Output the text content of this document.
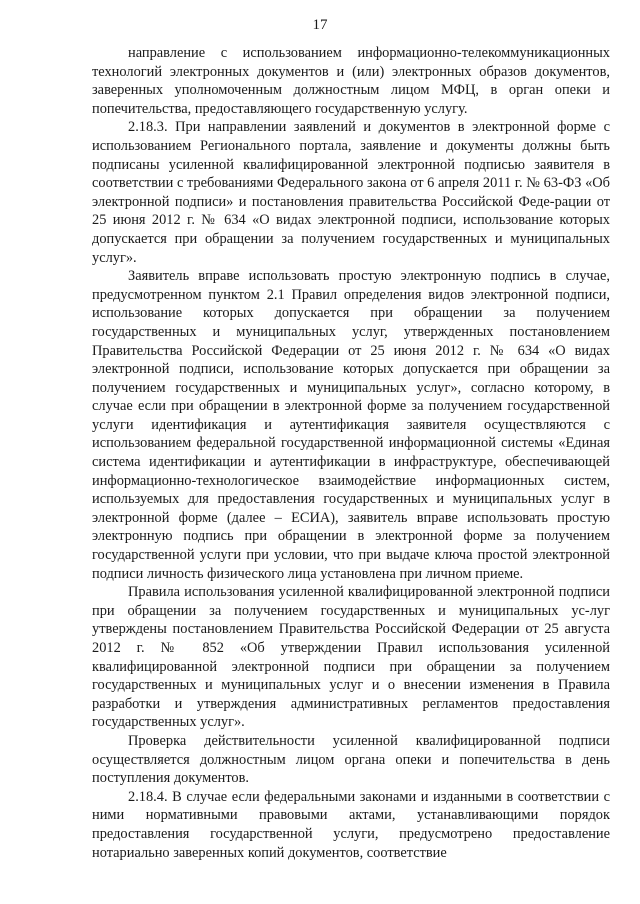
17

направление с использованием информационно-телекоммуникационных технологий электронных документов и (или) электронных образов документов, заверенных уполномоченным должностным лицом МФЦ, в орган опеки и попечительства, предоставляющего государственную услугу.

2.18.3. При направлении заявлений и документов в электронной форме с использованием Регионального портала, заявление и документы должны быть подписаны усиленной квалифицированной электронной подписью заявителя в соответствии с требованиями Федерального закона от 6 апреля 2011 г. № 63-ФЗ «Об электронной подписи» и постановления правительства Российской Феде-рации от 25 июня 2012 г. № 634 «О видах электронной подписи, использование которых допускается при обращении за получением государственных и муниципальных услуг».

Заявитель вправе использовать простую электронную подпись в случае, предусмотренном пунктом 2.1 Правил определения видов электронной подписи, использование которых допускается при обращении за получением государственных и муниципальных услуг, утвержденных постановлением Правительства Российской Федерации от 25 июня 2012 г. № 634 «О видах электронной подписи, использование которых допускается при обращении за получением государственных и муниципальных услуг», согласно которому, в случае если при обращении в электронной форме за получением государственной услуги идентификация и аутентификация заявителя осуществляются с использованием федеральной государственной информационной системы «Единая система идентификации и аутентификации в инфраструктуре, обеспечивающей информационно-технологическое взаимодействие информационных систем, используемых для предоставления государственных и муниципальных услуг в электронной форме (далее – ЕСИА), заявитель вправе использовать простую электронную подпись при обращении в электронной форме за получением государственной услуги при условии, что при выдаче ключа простой электронной подписи личность физического лица установлена при личном приеме.

Правила использования усиленной квалифицированной электронной подписи при обращении за получением государственных и муниципальных ус-луг утверждены постановлением Правительства Российской Федерации от 25 августа 2012 г. № 852 «Об утверждении Правил использования усиленной квалифицированной электронной подписи при обращении за получением государственных и муниципальных услуг и о внесении изменения в Правила разработки и утверждения административных регламентов предоставления государственных услуг».

Проверка действительности усиленной квалифицированной подписи осуществляется должностным лицом органа опеки и попечительства в день поступления документов.

2.18.4. В случае если федеральными законами и изданными в соответствии с ними нормативными правовыми актами, устанавливающими порядок предоставления государственной услуги, предусмотрено предоставление нотариально заверенных копий документов, соответствие
